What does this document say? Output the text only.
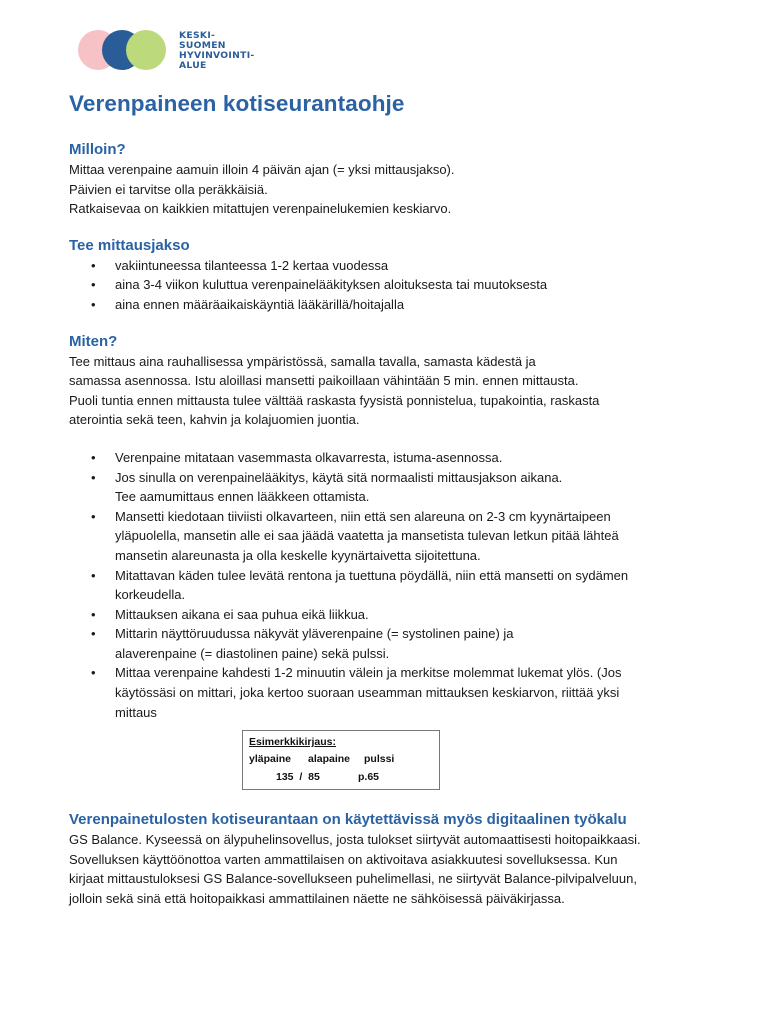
KESKI-
SUOMEN
HYVINVOINTI-
ALUE
Verenpaineen kotiseurantaohje
Milloin?

Mittaa verenpaine aamuin illoin 4 päivän ajan (= yksi mittausjakso).

Päivien ei tarvitse olla peräkkäisiä.

Ratkaisevaa on kaikkien mitattujen verenpainelukemien keskiarvo.

Tee mittausjakso
• vakiintuneessa tilanteessa 1-2 kertaa vuodessa
• aina 3-4 viikon kuluttua verenpainelääkityksen aloituksesta tai muutoksesta
• aina ennen määräaikaiskäyntiä lääkärillä/hoitajalla
Miten?

Tee mittaus aina rauhallisessa ympäristössä, samalla tavalla, samasta kädestä ja

samassa asennossa. Istu aloillasi mansetti paikoillaan vähintään 5 min. ennen mittausta.

Puoli tuntia ennen mittausta tulee välttää raskasta fyysistä ponnistelua, tupakointia, raskasta

aterointia sekä teen, kahvin ja kolajuomien juontia.

• Verenpaine mitataan vasemmasta olkavarresta, istuma-asennossa.
• Jos sinulla on verenpainelääkitys, käytä sitä normaalisti mittausjakson aikana.
Tee aamumittaus ennen lääkkeen ottamista.
• Mansetti kiedotaan tiiviisti olkavarteen, niin että sen alareuna on 2-3 cm kyynärtaipeen
yläpuolella, mansetin alle ei saa jäädä vaatetta ja mansetista tulevan letkun pitää lähteä
mansetin alareunasta ja olla keskelle kyynärtaivetta sijoitettuna.
• Mitattavan käden tulee levätä rentona ja tuettuna pöydällä, niin että mansetti on sydämen
korkeudella.
• Mittauksen aikana ei saa puhua eikä liikkua.
• Mittarin näyttöruudussa näkyvät yläverenpaine (= systolinen paine) ja
alaverenpaine (= diastolinen paine) sekä pulssi.
• Mittaa verenpaine kahdesti 1-2 minuutin välein ja merkitse molemmat lukemat ylös. (Jos
käytössäsi on mittari, joka kertoo suoraan useamman mittauksen keskiarvon, riittää yksi
mittaus
Esimerkkikirjaus:
yläpaine alapaine pulssi
135  /  85	p.65
Verenpainetulosten kotiseurantaan on käytettävissä myös digitaalinen työkalu

GS Balance. Kyseessä on älypuhelinsovellus, josta tulokset siirtyvät automaattisesti hoitopaikkaasi.

Sovelluksen käyttöönottoa varten ammattilaisen on aktivoitava asiakkuutesi sovelluksessa. Kun

kirjaat mittaustuloksesi GS Balance-sovellukseen puhelimellasi, ne siirtyvät Balance-pilvipalveluun,

jolloin sekä sinä että hoitopaikkasi ammattilainen näette ne sähköisessä päiväkirjassa.
